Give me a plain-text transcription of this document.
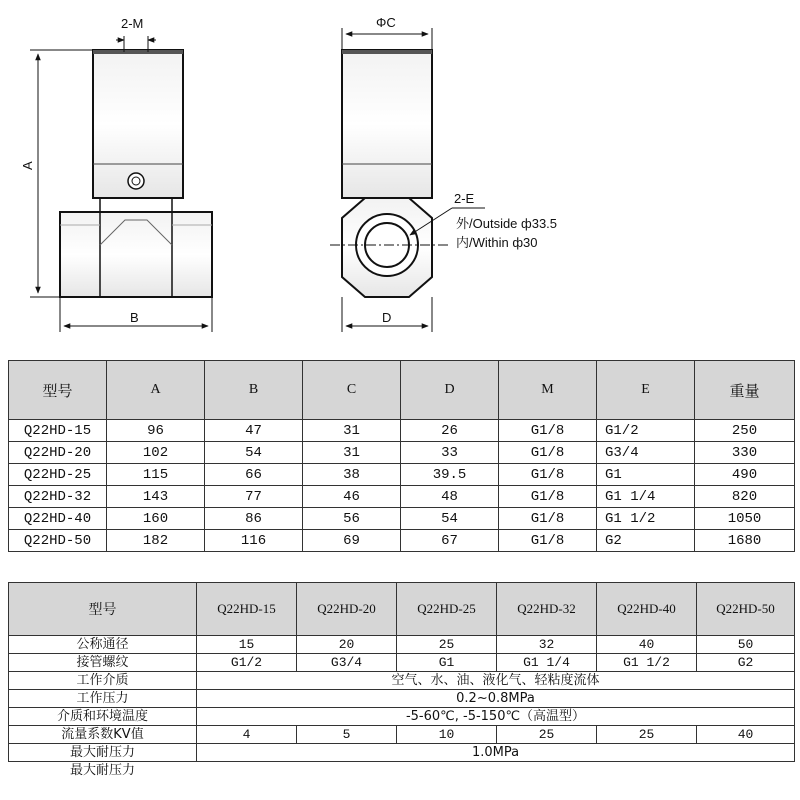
2-M
A
B
ΦC
D
2-E
外/Outside ф33.5
内/Within ф30
型号	A	B	C	D	M	E	重量
Q22HD-15	96	47	31	26	G1/8	G1/2	250
Q22HD-20	102	54	31	33	G1/8	G3/4	330
Q22HD-25	115	66	38	39.5	G1/8	G1	490
Q22HD-32	143	77	46	48	G1/8	G1 1/4	820
Q22HD-40	160	86	56	54	G1/8	G1 1/2	1050
Q22HD-50	182	116	69	67	G1/8	G2	1680
型号	Q22HD-15	Q22HD-20	Q22HD-25	Q22HD-32	Q22HD-40	Q22HD-50
公称通径	15	20	25	32	40	50
接管螺纹	G1/2	G3/4	G1	G1 1/4	G1 1/2	G2
工作介质	空气、水、油、液化气、轻粘度流体					
工作压力	0.2~0.8MPa					
介质和环境温度	-5-60℃, -5-150℃（高温型）					
流量系数KV值	4	5	10	25	25	40
最大耐压力	1.0MPa					
最大耐压力						
